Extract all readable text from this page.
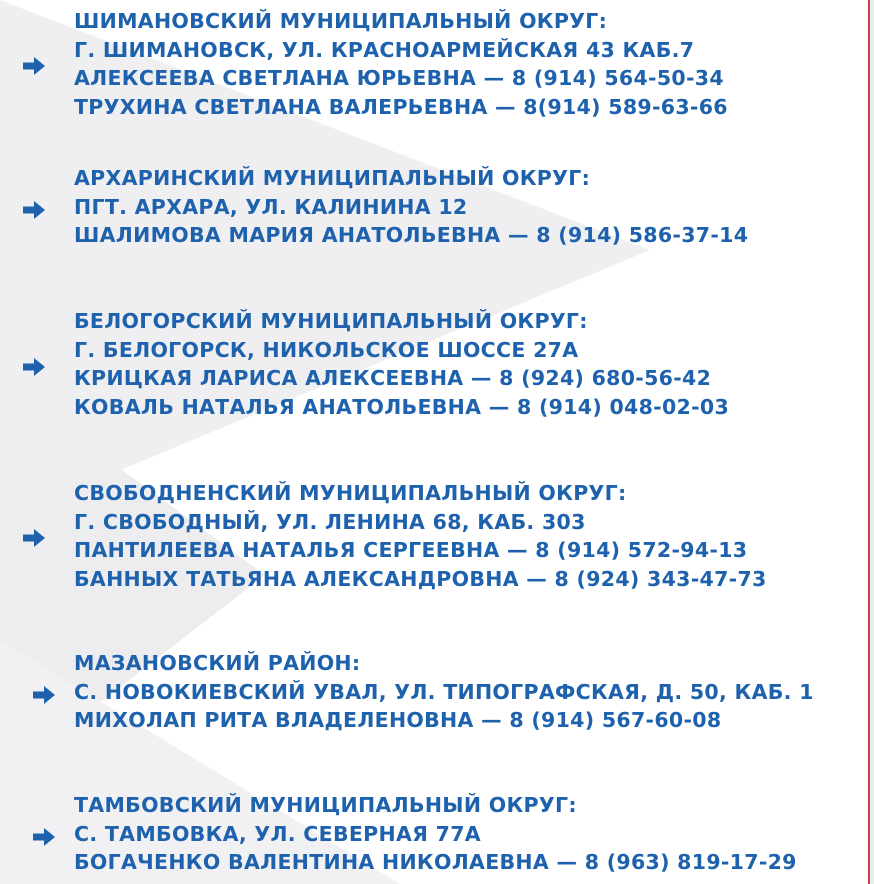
ШИМАНОВСКИЙ МУНИЦИПАЛЬНЫЙ ОКРУГ:
Г. ШИМАНОВСК, УЛ. КРАСНОАРМЕЙСКАЯ 43 КАБ.7
АЛЕКСЕЕВА СВЕТЛАНА ЮРЬЕВНА — 8 (914) 564-50-34
ТРУХИНА СВЕТЛАНА ВАЛЕРЬЕВНА — 8(914) 589-63-66
АРХАРИНСКИЙ МУНИЦИПАЛЬНЫЙ ОКРУГ:
ПГТ. АРХАРА, УЛ. КАЛИНИНА 12
ШАЛИМОВА МАРИЯ АНАТОЛЬЕВНА — 8 (914) 586-37-14
БЕЛОГОРСКИЙ МУНИЦИПАЛЬНЫЙ ОКРУГ:
Г. БЕЛОГОРСК, НИКОЛЬСКОЕ ШОССЕ 27А
КРИЦКАЯ ЛАРИСА АЛЕКСЕЕВНА — 8 (924) 680-56-42
КОВАЛЬ НАТАЛЬЯ АНАТОЛЬЕВНА — 8 (914) 048-02-03
СВОБОДНЕНСКИЙ МУНИЦИПАЛЬНЫЙ ОКРУГ:
Г. СВОБОДНЫЙ, УЛ. ЛЕНИНА 68, КАБ. 303
ПАНТИЛЕЕВА НАТАЛЬЯ СЕРГЕЕВНА — 8 (914) 572-94-13
БАННЫХ ТАТЬЯНА АЛЕКСАНДРОВНА — 8 (924) 343-47-73
МАЗАНОВСКИЙ РАЙОН:
С. НОВОКИЕВСКИЙ УВАЛ, УЛ. ТИПОГРАФСКАЯ, Д. 50, КАБ. 1
МИХОЛАП РИТА ВЛАДЕЛЕНОВНА — 8 (914) 567-60-08
ТАМБОВСКИЙ МУНИЦИПАЛЬНЫЙ ОКРУГ:
С. ТАМБОВКА, УЛ. СЕВЕРНАЯ 77А
БОГАЧЕНКО ВАЛЕНТИНА НИКОЛАЕВНА — 8 (963) 819-17-29
